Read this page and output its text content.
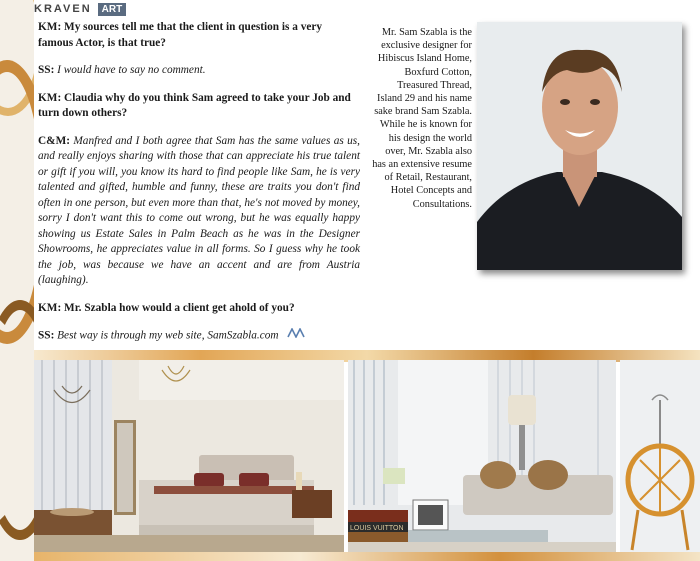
KRAVEN	ART

KM: My sources tell me that the client in question is a very famous Actor, is that true?

SS: I would have to say no comment.

KM: Claudia why do you think Sam agreed to take your Job and turn down others?

C&M: Manfred and I both agree that Sam has the same values as us, and really enjoys sharing with those that can appreciate his true talent or gift if you will, you know its hard to find people like Sam, he is very talented and gifted, humble and funny, these are traits you don't find often in one person, but even more than that, he's not moved by money, sorry I don't want this to come out wrong, but he was equally happy showing us Estate Sales in Palm Beach as he was in the Designer Showrooms, he appreciates value in all forms. So I guess why he took the job, was because we have an accent and are from Austria (laughing).

KM: Mr. Szabla how would a client get ahold of you?

SS: Best way is through my web site, SamSzabla.com

Mr. Sam Szabla is the exclusive designer for Hibiscus Island Home, Boxfurd Cotton, Treasured Thread, Island 29 and his name sake brand Sam Szabla. While he is known for his design the world over, Mr. Szabla also has an extensive resume of Retail, Restaurant, Hotel Concepts and Consultations.
LOUIS VUITTON
